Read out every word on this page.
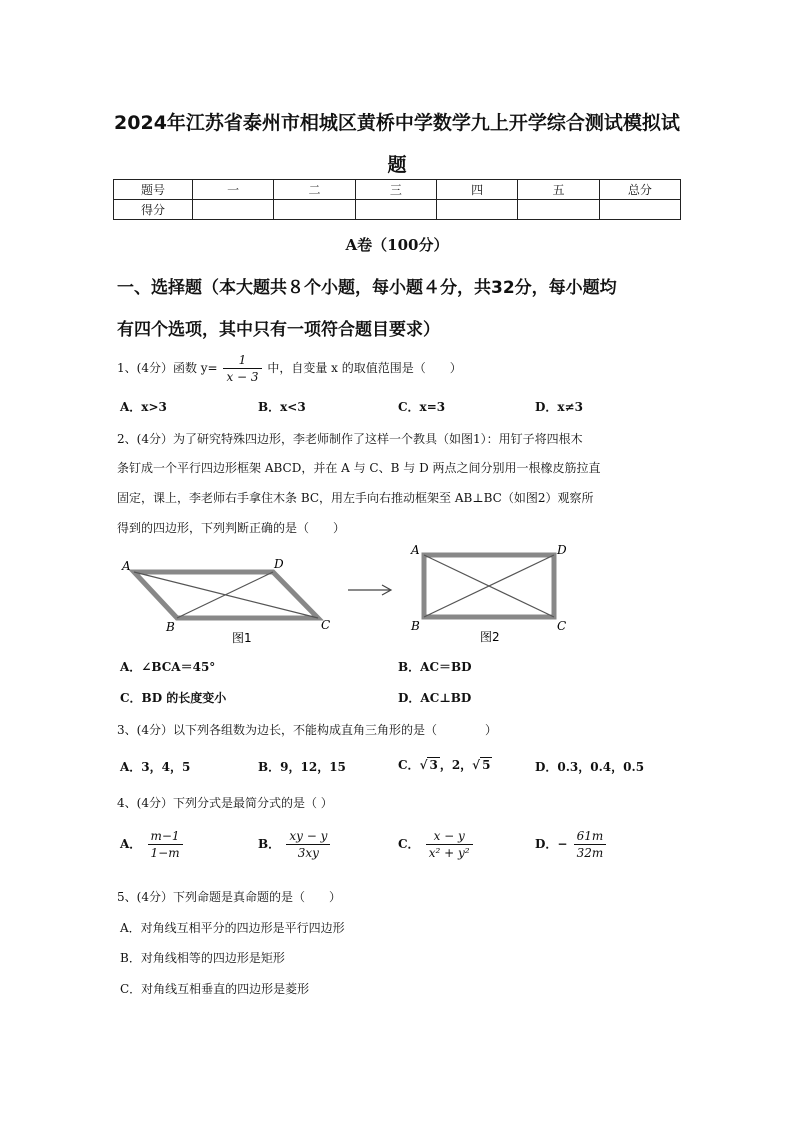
2024年江苏省泰州市相城区黄桥中学数学九上开学综合测试模拟试
题
题号	一	二	三	四	五	总分
得分						
A卷（100分）
一、选择题（本大题共８个小题，每小题４分，共32分，每小题均
有四个选项，其中只有一项符合题目要求）
1、(4分）函数 $y= \frac{1}{x - 3}$ 中，自变量 x 的取值范围是（　　）
A．x>3	B．x<3	C．x=3	D．x≠3
2、(4分）为了研究特殊四边形，李老师制作了这样一个教具（如图1）：用钉子将四根木
条钉成一个平行四边形框架 ABCD，并在 A 与 C、B 与 D 两点之间分别用一根橡皮筋拉直
固定，课上，李老师右手拿住木条 BC，用左手向右推动框架至 AB⊥BC（如图2）观察所
得到的四边形，下列判断正确的是（　　）
A
B	C
D
图1
A
B	C
D
图2
A．∠BCA＝45°	B．AC＝BD
C．BD 的长度变小	D．AC⊥BD
3、(4分）以下列各组数为边长，不能构成直角三角形的是（　　　　）
A．3，4，5	B．9，12，15	C．√ 3 ，2，√ 5	D．0.3，0.4，0.5
4、(4分）下列分式是最简分式的是（ ）
A． $\frac{m-1}{1-m}$	B． $\frac{xy - y}{3xy}$	C． $\frac{x - y}{\text{x² + y²}}$	D．− $\frac{61m}{32m}$
5、(4分）下列命题是真命题的是（　　）
A．对角线互相平分的四边形是平行四边形
B．对角线相等的四边形是矩形
C．对角线互相垂直的四边形是菱形
